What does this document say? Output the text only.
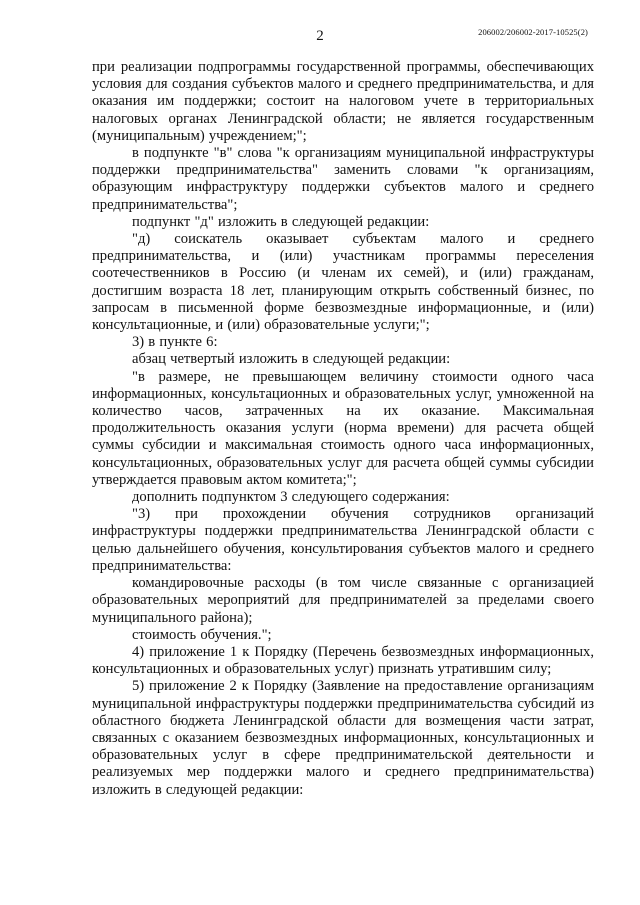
2	206002/206002-2017-10525(2)

при реализации подпрограммы государственной программы, обеспечивающих условия для создания субъектов малого и среднего предпринимательства, и для оказания им поддержки; состоит на налоговом учете в территориальных налоговых органах Ленинградской области; не является государственным (муниципальным) учреждением;";

в подпункте "в" слова "к организациям муниципальной инфраструктуры поддержки предпринимательства" заменить словами "к организациям, образующим инфраструктуру поддержки субъектов малого и среднего предпринимательства";

подпункт "д" изложить в следующей редакции:

"д) соискатель оказывает субъектам малого и среднего предпринимательства, и (или) участникам программы переселения соотечественников в Россию (и членам их семей), и (или) гражданам, достигшим возраста 18 лет, планирующим открыть собственный бизнес, по запросам в письменной форме безвозмездные информационные, и (или) консультационные, и (или) образовательные услуги;";

3) в пункте 6:

абзац четвертый изложить в следующей редакции:

"в размере, не превышающем величину стоимости одного часа информационных, консультационных и образовательных услуг, умноженной на количество часов, затраченных на их оказание. Максимальная продолжительность оказания услуги (норма времени) для расчета общей суммы субсидии и максимальная стоимость одного часа информационных, консультационных, образовательных услуг для расчета общей суммы субсидии утверждается правовым актом комитета;";

дополнить подпунктом 3 следующего содержания:

"3) при прохождении обучения сотрудников организаций инфраструктуры поддержки предпринимательства Ленинградской области с целью дальнейшего обучения, консультирования субъектов малого и среднего предпринимательства:

командировочные расходы (в том числе связанные с организацией образовательных мероприятий для предпринимателей за пределами своего муниципального района);

стоимость обучения.";

4) приложение 1 к Порядку (Перечень безвозмездных информационных, консультационных и образовательных услуг) признать утратившим силу;

5) приложение 2 к Порядку (Заявление на предоставление организациям муниципальной инфраструктуры поддержки предпринимательства субсидий из областного бюджета Ленинградской области для возмещения части затрат, связанных с оказанием безвозмездных информационных, консультационных и образовательных услуг в сфере предпринимательской деятельности и реализуемых мер поддержки малого и среднего предпринимательства) изложить в следующей редакции:
